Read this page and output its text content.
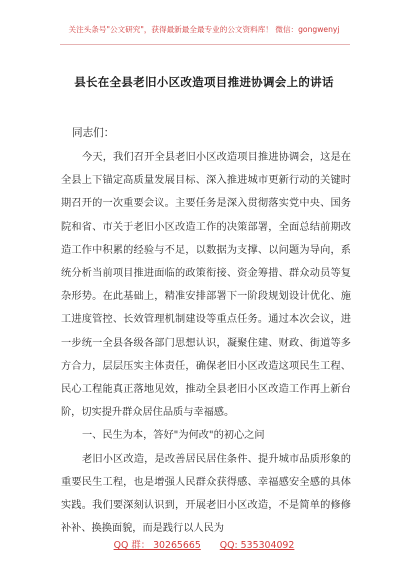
关注头条号"公文研究"，获得最新最全最专业的公文资料库！ 微信：gongwenyj
县长在全县老旧小区改造项目推进协调会上的讲话
同志们：

今天，我们召开全县老旧小区改造项目推进协调会，这是在全县上下锚定高质量发展目标、深入推进城市更新行动的关键时期召开的一次重要会议。主要任务是深入贯彻落实党中央、国务院和省、市关于老旧小区改造工作的决策部署，全面总结前期改造工作中积累的经验与不足，以数据为支撑、以问题为导向，系统分析当前项目推进面临的政策衔接、资金筹措、群众动员等复杂形势。在此基础上，精准安排部署下一阶段规划设计优化、施工进度管控、长效管理机制建设等重点任务。通过本次会议，进一步统一全县各级各部门思想认识，凝聚住建、财政、街道等多方合力，层层压实主体责任，确保老旧小区改造这项民生工程、民心工程能真正落地见效，推动全县老旧小区改造工作再上新台阶，切实提升群众居住品质与幸福感。

一、民生为本，答好"为何改"的初心之问

老旧小区改造，是改善居民居住条件、提升城市品质形象的重要民生工程，也是增强人民群众获得感、幸福感安全感的具体实践。我们要深刻认识到，开展老旧小区改造，不是简单的修修补补、换换面貌，而是践行以人民为

QQ 群： 30265665 QQ: 535304092
